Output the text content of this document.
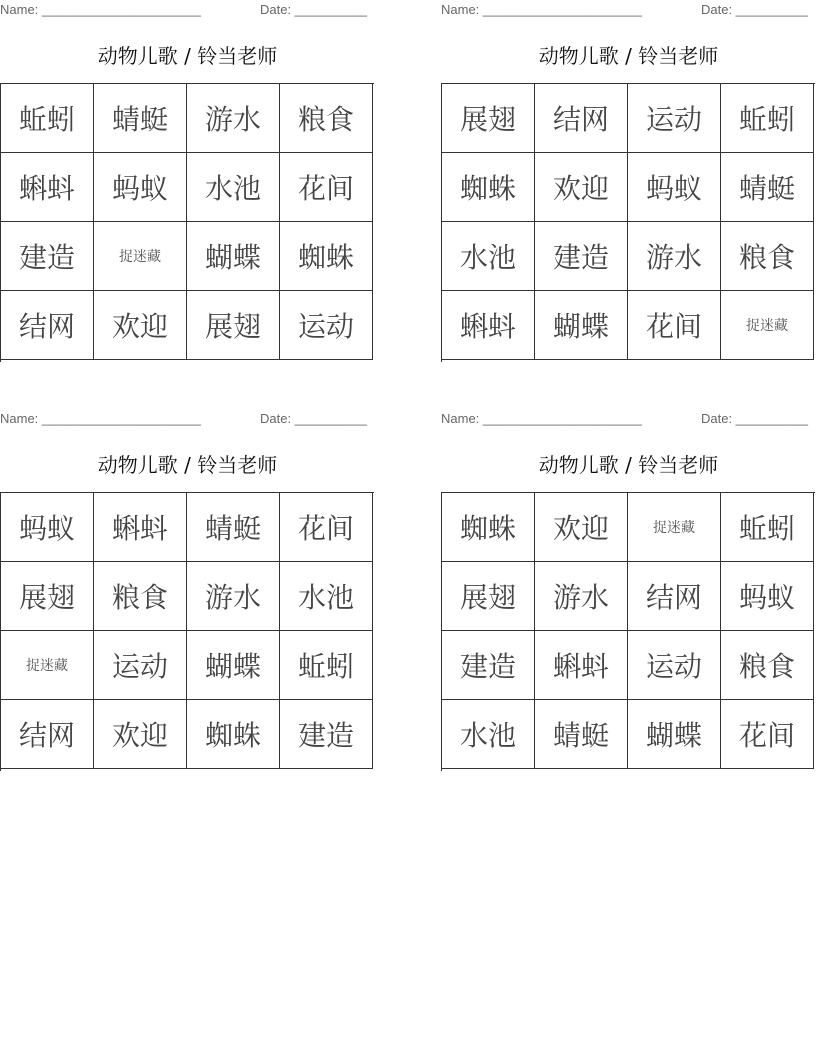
Name: ______________________	Date: __________
动物儿歌 / 铃当老师
蚯蚓	蜻蜓	游水	粮食
蝌蚪	蚂蚁	水池	花间
建造	捉迷藏	蝴蝶	蜘蛛
结网	欢迎	展翅	运动
Name: ______________________	Date: __________
动物儿歌 / 铃当老师
展翅	结网	运动	蚯蚓
蜘蛛	欢迎	蚂蚁	蜻蜓
水池	建造	游水	粮食
蝌蚪	蝴蝶	花间	捉迷藏
Name: ______________________	Date: __________
动物儿歌 / 铃当老师
蚂蚁	蝌蚪	蜻蜓	花间
展翅	粮食	游水	水池
捉迷藏	运动	蝴蝶	蚯蚓
结网	欢迎	蜘蛛	建造
Name: ______________________	Date: __________
动物儿歌 / 铃当老师
蜘蛛	欢迎	捉迷藏	蚯蚓
展翅	游水	结网	蚂蚁
建造	蝌蚪	运动	粮食
水池	蜻蜓	蝴蝶	花间
